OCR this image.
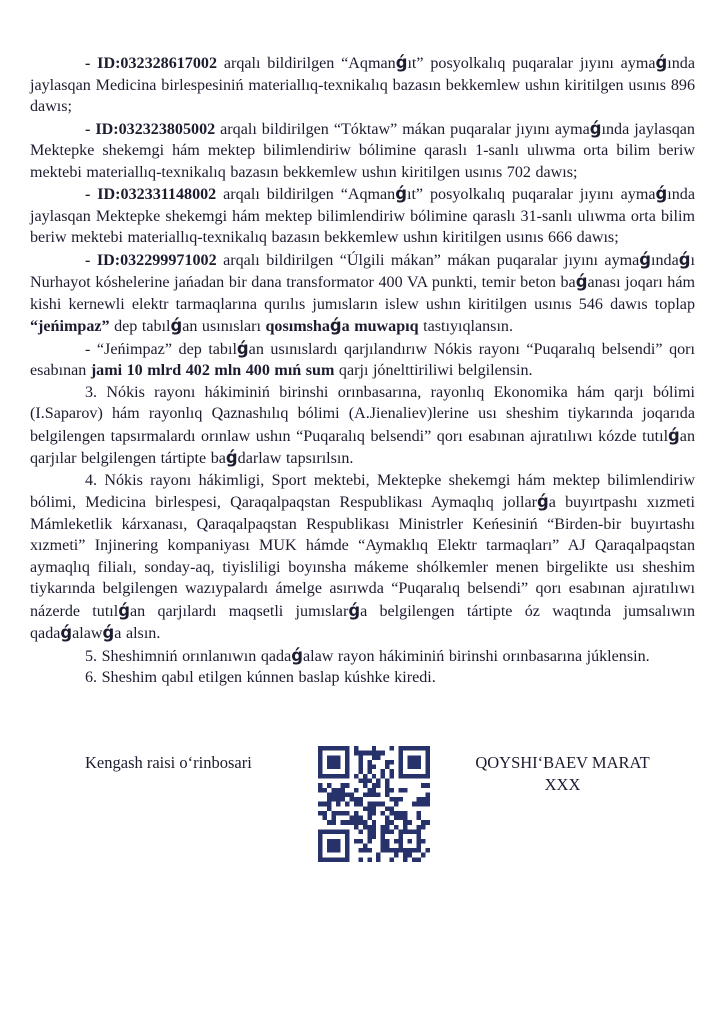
- ID:032328617002 arqalı bildirilgen “Aqmanǵıt” posyolkalıq puqaralar jıyını aymaǵında jaylasqan Medicina birlespesiniń materiallıq-texnikalıq bazasın bekkemlew ushın kiritilgen usınıs 896 dawıs;

- ID:032323805002 arqalı bildirilgen “Tóktaw” mákan puqaralar jıyını aymaǵında jaylasqan Mektepke shekemgi hám mektep bilimlendiriw bólimine qaraslı 1-sanlı ulıwma orta bilim beriw mektebi materiallıq-texnikalıq bazasın bekkemlew ushın kiritilgen usınıs 702 dawıs;

- ID:032331148002 arqalı bildirilgen “Aqmanǵıt” posyolkalıq puqaralar jıyını aymaǵında jaylasqan Mektepke shekemgi hám mektep bilimlendiriw bólimine qaraslı 31-sanlı ulıwma orta bilim beriw mektebi materiallıq-texnikalıq bazasın bekkemlew ushın kiritilgen usınıs 666 dawıs;

- ID:032299971002 arqalı bildirilgen “Úlgili mákan” mákan puqaralar jıyını aymaǵındaǵı Nurhayot kóshelerine jańadan bir dana transformator 400 VA punkti, temir beton baǵanası joqarı hám kishi kernewli elektr tarmaqlarına qurılıs jumısların islew ushın kiritilgen usınıs 546 dawıs toplap “jeńimpaz” dep tabılǵan usınısları qosımshaǵa muwapıq tastıyıqlansın.

- “Jeńimpaz” dep tabılǵan usınıslardı qarjılandırıw Nókis rayonı “Puqaralıq belsendi” qorı esabınan jami 10 mlrd 402 mln 400 mıń sum qarjı jónelttiriliwi belgilensin.

3. Nókis rayonı hákiminiń birinshi orınbasarına, rayonlıq Ekonomika hám qarjı bólimi (I.Saparov) hám rayonlıq Qaznashılıq bólimi (A.Jienaliev)lerine usı sheshim tiykarında joqarıda belgilengen tapsırmalardı orınlaw ushın “Puqaralıq belsendi” qorı esabınan ajıratılıwı kózde tutılǵan qarjılar belgilengen tártipte baǵdarlaw tapsırılsın.

4. Nókis rayonı hákimligi, Sport mektebi, Mektepke shekemgi hám mektep bilimlendiriw bólimi, Medicina birlespesi, Qaraqalpaqstan Respublikası Aymaqlıq jollarǵa buyırtpashı xızmeti Mámleketlik kárxanası, Qaraqalpaqstan Respublikası Ministrler Keńesiniń “Birden-bir buyırtashı xızmeti” Injinering kompaniyası MUK hámde “Aymaklıq Elektr tarmaqları” AJ Qaraqalpaqstan aymaqlıq filialı, sonday-aq, tiyisliligi boyınsha mákeme shólkemler menen birgelikte usı sheshim tiykarında belgilengen wazıypalardı ámelge asırıwda “Puqaralıq belsendi” qorı esabınan ajıratılıwı názerde tutılǵan qarjılardı maqsetli jumıslarǵa belgilengen tártipte óz waqtında jumsalıwın qadaǵalawǵa alsın.

5. Sheshimniń orınlanıwın qadaǵalaw rayon hákiminiń birinshi orınbasarına júklensin.

6. Sheshim qabıl etilgen kúnnen baslap kúshke kiredi.

Kengash raisi o‘rinbosari	QOYSHI‘BAEV MARAT
XXX
